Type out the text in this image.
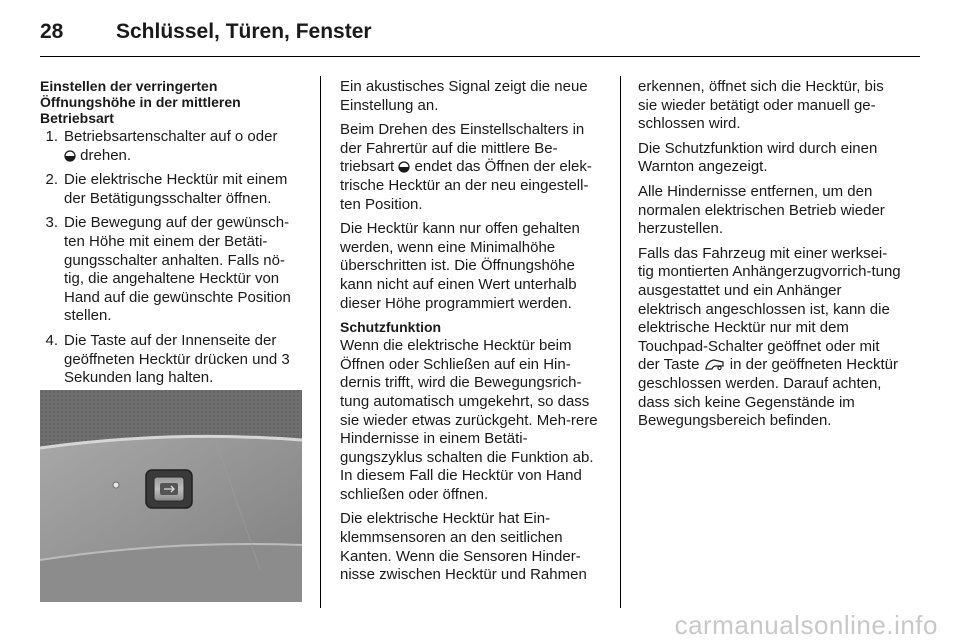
28	Schlüssel, Türen, Fenster
Einstellen der verringerten
Öffnungshöhe in der mittleren
Betriebsart
1. Betriebsartenschalter auf o oder
drehen.
2. Die elektrische Hecktür mit einem der Betätigungsschalter öffnen.
3. Die Bewegung auf der gewünsch-ten Höhe mit einem der Betäti-gungsschalter anhalten. Falls nö-tig, die angehaltene Hecktür von Hand auf die gewünschte Position stellen.
4. Die Taste auf der Innenseite der geöffneten Hecktür drücken und 3 Sekunden lang halten.

Ein akustisches Signal zeigt die neue Einstellung an.

Beim Drehen des Einstellschalters in der Fahrertür auf die mittlere Be-triebsart endet das Öffnen der elek-trische Hecktür an der neu eingestell-ten Position.

Die Hecktür kann nur offen gehalten werden, wenn eine Minimalhöhe überschritten ist. Die Öffnungshöhe kann nicht auf einen Wert unterhalb dieser Höhe programmiert werden.

Schutzfunktion

Wenn die elektrische Hecktür beim Öffnen oder Schließen auf ein Hin-dernis trifft, wird die Bewegungsrich-tung automatisch umgekehrt, so dass sie wieder etwas zurückgeht. Meh-rere Hindernisse in einem Betäti-gungszyklus schalten die Funktion ab. In diesem Fall die Hecktür von Hand schließen oder öffnen.

Die elektrische Hecktür hat Ein-klemmsensoren an den seitlichen Kanten. Wenn die Sensoren Hinder-nisse zwischen Hecktür und Rahmen

erkennen, öffnet sich die Hecktür, bis sie wieder betätigt oder manuell ge-schlossen wird.

Die Schutzfunktion wird durch einen Warnton angezeigt.

Alle Hindernisse entfernen, um den normalen elektrischen Betrieb wieder herzustellen.

Falls das Fahrzeug mit einer werksei-tig montierten Anhängerzugvorrich-tung ausgestattet und ein Anhänger elektrisch angeschlossen ist, kann die elektrische Hecktür nur mit dem Touchpad-Schalter geöffnet oder mit der Taste in der geöffneten Hecktür geschlossen werden. Darauf achten, dass sich keine Gegenstände im Bewegungsbereich befinden.

carmanualsonline.info
